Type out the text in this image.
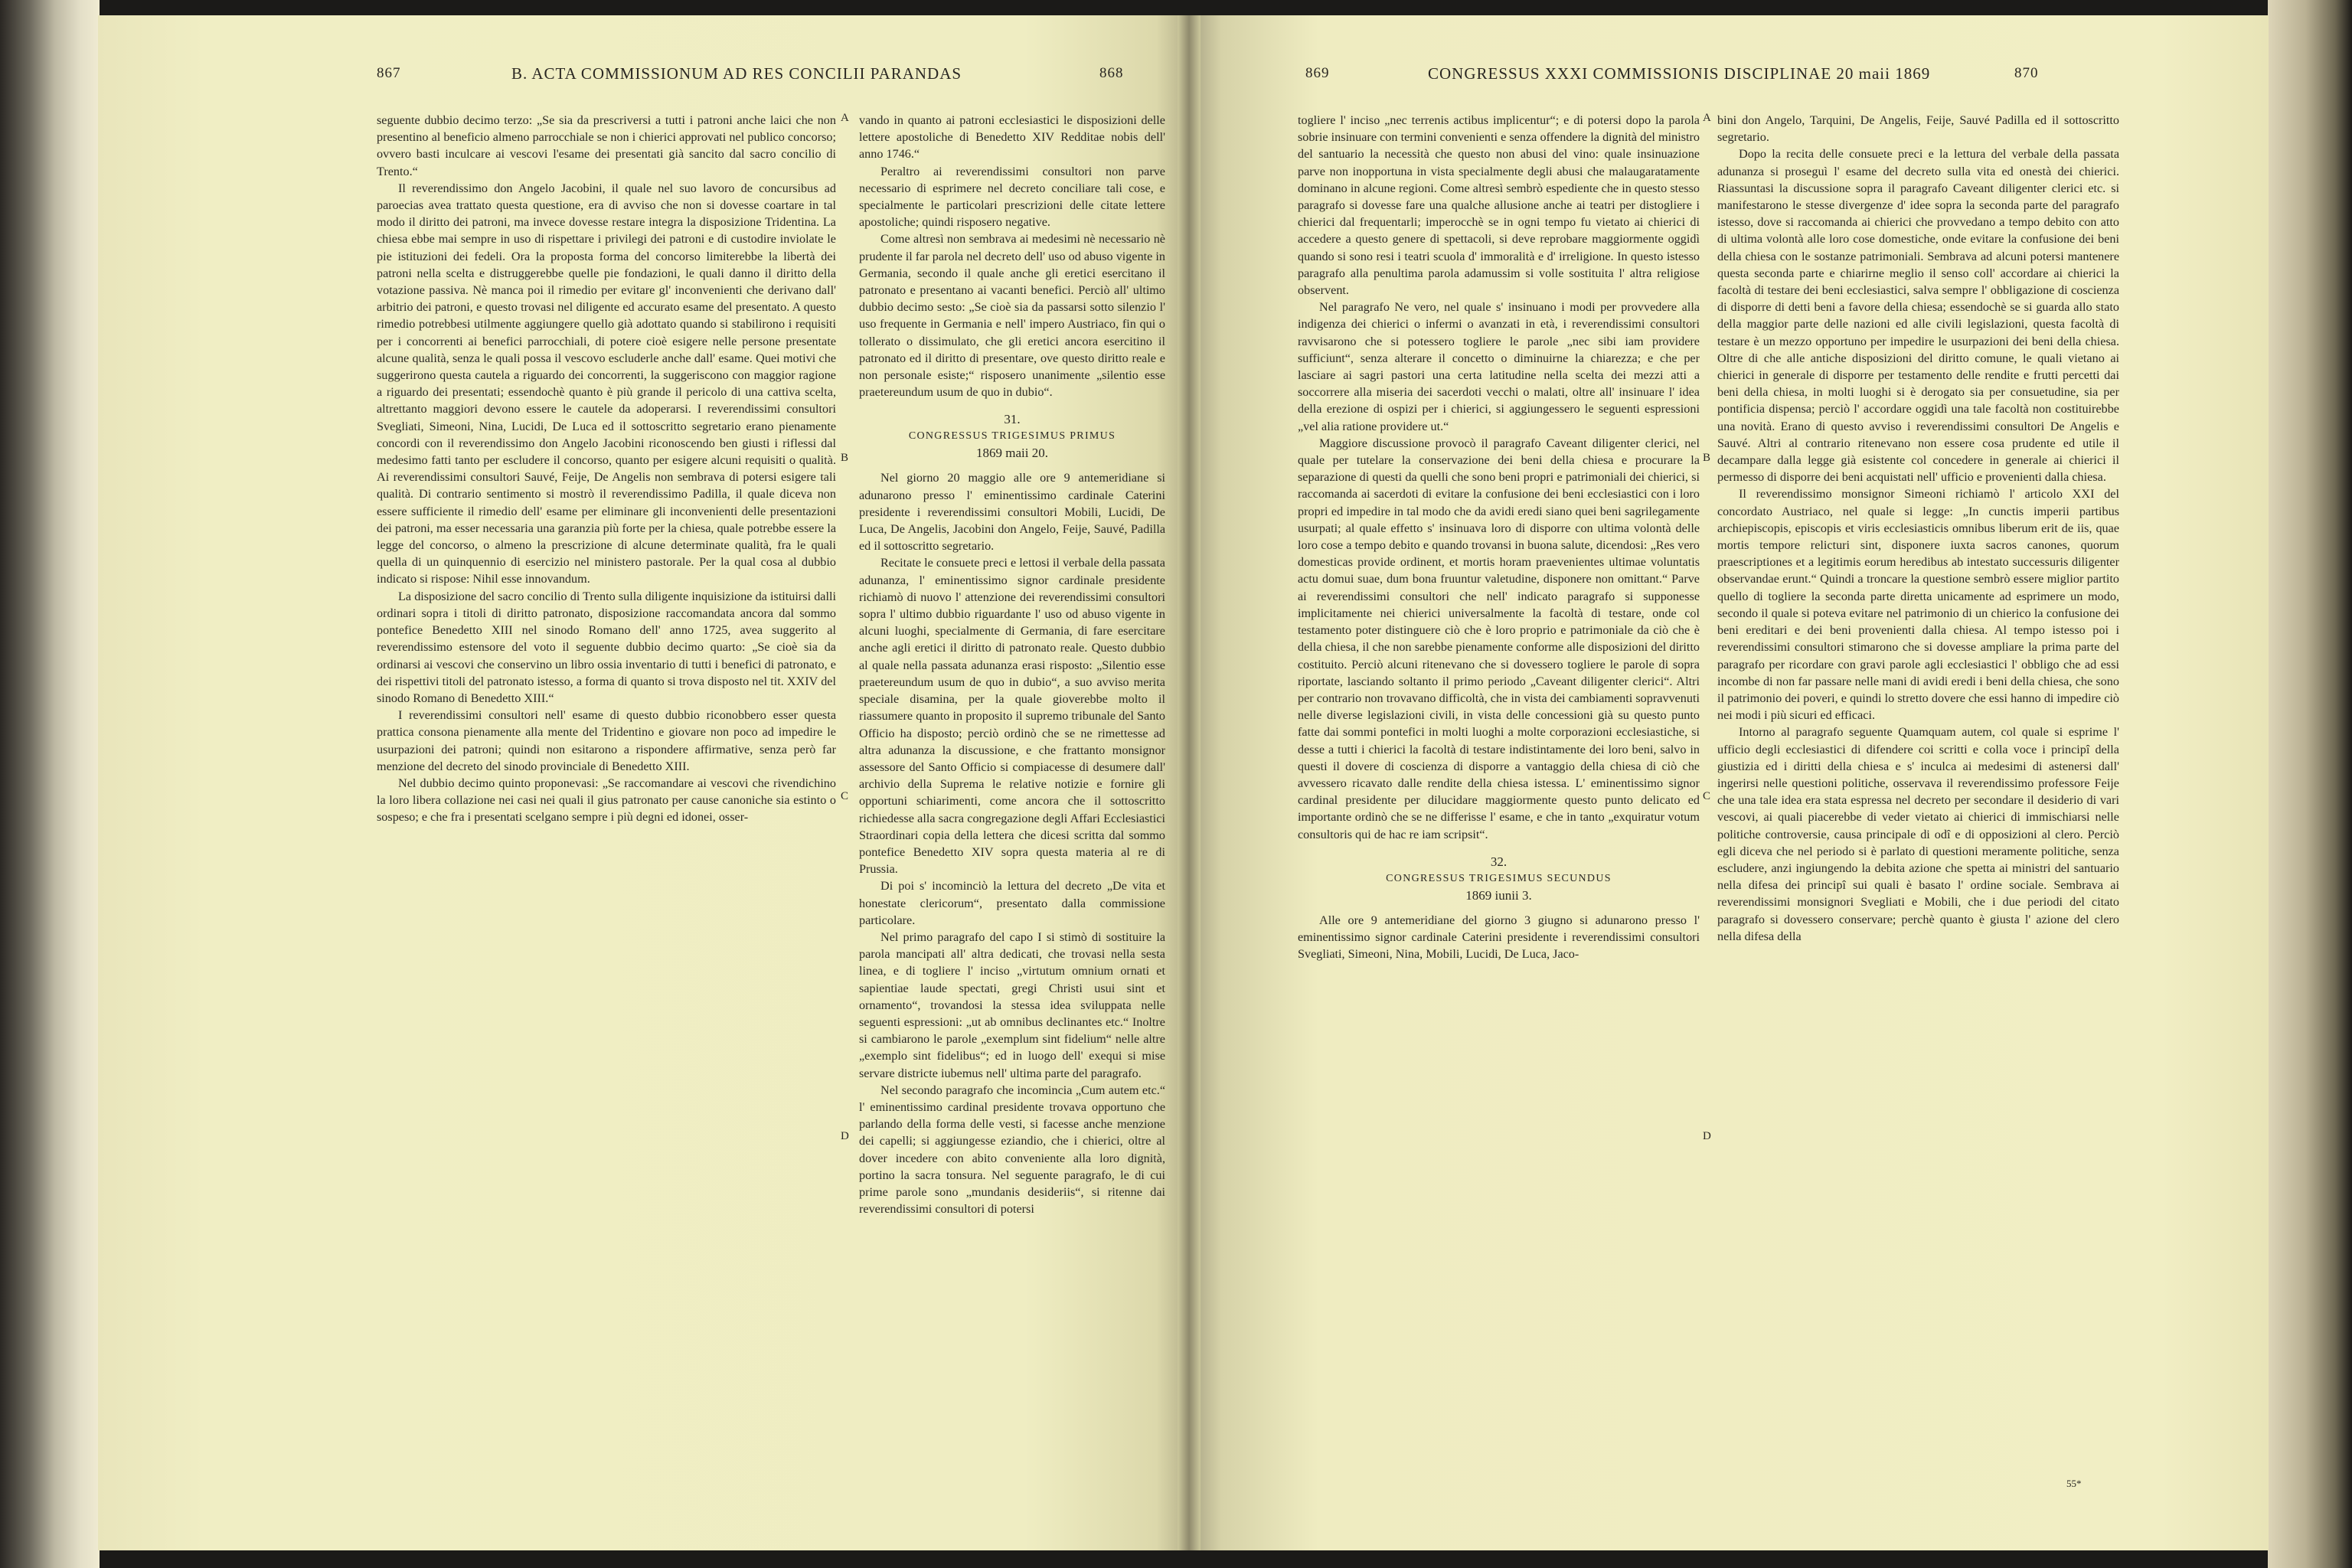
867	B. ACTA COMMISSIONUM AD RES CONCILII PARANDAS	868

seguente dubbio decimo terzo: „Se sia da prescriversi a tutti i patroni anche laici che non presentino al beneficio almeno parrocchiale se non i chierici approvati nel publico concorso; ovvero basti inculcare ai vescovi l'esame dei presentati già sancito dal sacro concilio di Trento.“

Il reverendissimo don Angelo Jacobini, il quale nel suo lavoro de concursibus ad paroecias avea trattato questa questione, era di avviso che non si dovesse coartare in tal modo il diritto dei patroni, ma invece dovesse restare integra la disposizione Tridentina. La chiesa ebbe mai sempre in uso di rispettare i privilegi dei patroni e di custodire inviolate le pie istituzioni dei fedeli. Ora la proposta forma del concorso limiterebbe la libertà dei patroni nella scelta e distruggerebbe quelle pie fondazioni, le quali danno il diritto della votazione passiva. Nè manca poi il rimedio per evitare gl' inconvenienti che derivano dall' arbitrio dei patroni, e questo trovasi nel diligente ed accurato esame del presentato. A questo rimedio potrebbesi utilmente aggiungere quello già adottato quando si stabilirono i requisiti per i concorrenti ai benefici parrocchiali, di potere cioè esigere nelle persone presentate alcune qualità, senza le quali possa il vescovo escluderle anche dall' esame. Quei motivi che suggerirono questa cautela a riguardo dei concorrenti, la suggeriscono con maggior ragione a riguardo dei presentati; essendochè quanto è più grande il pericolo di una cattiva scelta, altrettanto maggiori devono essere le cautele da adoperarsi. I reverendissimi consultori Svegliati, Simeoni, Nina, Lucidi, De Luca ed il sottoscritto segretario erano pienamente concordi con il reverendissimo don Angelo Jacobini riconoscendo ben giusti i riflessi dal medesimo fatti tanto per escludere il concorso, quanto per esigere alcuni requisiti o qualità. Ai reverendissimi consultori Sauvé, Feije, De Angelis non sembrava di potersi esigere tali qualità. Di contrario sentimento si mostrò il reverendissimo Padilla, il quale diceva non essere sufficiente il rimedio dell' esame per eliminare gli inconvenienti delle presentazioni dei patroni, ma esser necessaria una garanzia più forte per la chiesa, quale potrebbe essere la legge del concorso, o almeno la prescrizione di alcune determinate qualità, fra le quali quella di un quinquennio di esercizio nel ministero pastorale. Per la qual cosa al dubbio indicato si rispose: Nihil esse innovandum.

La disposizione del sacro concilio di Trento sulla diligente inquisizione da istituirsi dalli ordinari sopra i titoli di diritto patronato, disposizione raccomandata ancora dal sommo pontefice Benedetto XIII nel sinodo Romano dell' anno 1725, avea suggerito al reverendissimo estensore del voto il seguente dubbio decimo quarto: „Se cioè sia da ordinarsi ai vescovi che conservino un libro ossia inventario di tutti i benefici di patronato, e dei rispettivi titoli del patronato istesso, a forma di quanto si trova disposto nel tit. XXIV del sinodo Romano di Benedetto XIII.“

I reverendissimi consultori nell' esame di questo dubbio riconobbero esser questa prattica consona pienamente alla mente del Tridentino e giovare non poco ad impedire le usurpazioni dei patroni; quindi non esitarono a rispondere affirmative, senza però far menzione del decreto del sinodo provinciale di Benedetto XIII.

Nel dubbio decimo quinto proponevasi: „Se raccomandare ai vescovi che rivendichino la loro libera collazione nei casi nei quali il gius patronato per cause canoniche sia estinto o sospeso; e che fra i presentati scelgano sempre i più degni ed idonei, osser-

A
B
C
D

vando in quanto ai patroni ecclesiastici le disposizioni delle lettere apostoliche di Benedetto XIV Redditae nobis dell' anno 1746.“

Peraltro ai reverendissimi consultori non parve necessario di esprimere nel decreto conciliare tali cose, e specialmente le particolari prescrizioni delle citate lettere apostoliche; quindi risposero negative.

Come altresì non sembrava ai medesimi nè necessario nè prudente il far parola nel decreto dell' uso od abuso vigente in Germania, secondo il quale anche gli eretici esercitano il patronato e presentano ai vacanti benefici. Perciò all' ultimo dubbio decimo sesto: „Se cioè sia da passarsi sotto silenzio l' uso frequente in Germania e nell' impero Austriaco, fin qui o tollerato o dissimulato, che gli eretici ancora esercitino il patronato ed il diritto di presentare, ove questo diritto reale e non personale esiste;“ risposero unanimente „silentio esse praetereundum usum de quo in dubio“.

31.
CONGRESSUS TRIGESIMUS PRIMUS
1869 maii 20.

Nel giorno 20 maggio alle ore 9 antemeridiane si adunarono presso l' eminentissimo cardinale Caterini presidente i reverendissimi consultori Mobili, Lucidi, De Luca, De Angelis, Jacobini don Angelo, Feije, Sauvé, Padilla ed il sottoscritto segretario.

Recitate le consuete preci e lettosi il verbale della passata adunanza, l' eminentissimo signor cardinale presidente richiamò di nuovo l' attenzione dei reverendissimi consultori sopra l' ultimo dubbio riguardante l' uso od abuso vigente in alcuni luoghi, specialmente di Germania, di fare esercitare anche agli eretici il diritto di patronato reale. Questo dubbio al quale nella passata adunanza erasi risposto: „Silentio esse praetereundum usum de quo in dubio“, a suo avviso merita speciale disamina, per la quale gioverebbe molto il riassumere quanto in proposito il supremo tribunale del Santo Officio ha disposto; perciò ordinò che se ne rimettesse ad altra adunanza la discussione, e che frattanto monsignor assessore del Santo Officio si compiacesse di desumere dall' archivio della Suprema le relative notizie e fornire gli opportuni schiarimenti, come ancora che il sottoscritto richiedesse alla sacra congregazione degli Affari Ecclesiastici Straordinari copia della lettera che dicesi scritta dal sommo pontefice Benedetto XIV sopra questa materia al re di Prussia.

Di poi s' incominciò la lettura del decreto „De vita et honestate clericorum“, presentato dalla commissione particolare.

Nel primo paragrafo del capo I si stimò di sostituire la parola mancipati all' altra dedicati, che trovasi nella sesta linea, e di togliere l' inciso „virtutum omnium ornati et sapientiae laude spectati, gregi Christi usui sint et ornamento“, trovandosi la stessa idea sviluppata nelle seguenti espressioni: „ut ab omnibus declinantes etc.“ Inoltre si cambiarono le parole „exemplum sint fidelium“ nelle altre „exemplo sint fidelibus“; ed in luogo dell' exequi si mise servare districte iubemus nell' ultima parte del paragrafo.

Nel secondo paragrafo che incomincia „Cum autem etc.“ l' eminentissimo cardinal presidente trovava opportuno che parlando della forma delle vesti, si facesse anche menzione dei capelli; si aggiungesse eziandio, che i chierici, oltre al dover incedere con abito conveniente alla loro dignità, portino la sacra tonsura. Nel seguente paragrafo, le di cui prime parole sono „mundanis desideriis“, si ritenne dai reverendissimi consultori di potersi

869	CONGRESSUS XXXI COMMISSIONIS DISCIPLINAE 20 maii 1869	870

togliere l' inciso „nec terrenis actibus implicentur“; e di potersi dopo la parola sobrie insinuare con termini convenienti e senza offendere la dignità del ministro del santuario la necessità che questo non abusi del vino: quale insinuazione parve non inopportuna in vista specialmente degli abusi che malaugaratamente dominano in alcune regioni. Come altresì sembrò espediente che in questo stesso paragrafo si dovesse fare una qualche allusione anche ai teatri per distogliere i chierici dal frequentarli; imperocchè se in ogni tempo fu vietato ai chierici di accedere a questo genere di spettacoli, si deve reprobare maggiormente oggidì quando si sono resi i teatri scuola d' immoralità e d' irreligione. In questo istesso paragrafo alla penultima parola adamussim si volle sostituita l' altra religiose observent.

Nel paragrafo Ne vero, nel quale s' insinuano i modi per provvedere alla indigenza dei chierici o infermi o avanzati in età, i reverendissimi consultori ravvisarono che si potessero togliere le parole „nec sibi iam providere sufficiunt“, senza alterare il concetto o diminuirne la chiarezza; e che per lasciare ai sagri pastori una certa latitudine nella scelta dei mezzi atti a soccorrere alla miseria dei sacerdoti vecchi o malati, oltre all' insinuare l' idea della erezione di ospizi per i chierici, si aggiungessero le seguenti espressioni „vel alia ratione providere ut.“

Maggiore discussione provocò il paragrafo Caveant diligenter clerici, nel quale per tutelare la conservazione dei beni della chiesa e procurare la separazione di questi da quelli che sono beni propri e patrimoniali dei chierici, si raccomanda ai sacerdoti di evitare la confusione dei beni ecclesiastici con i loro propri ed impedire in tal modo che da avidi eredi siano quei beni sagrilegamente usurpati; al quale effetto s' insinuava loro di disporre con ultima volontà delle loro cose a tempo debito e quando trovansi in buona salute, dicendosi: „Res vero domesticas provide ordinent, et mortis horam praevenientes ultimae voluntatis actu domui suae, dum bona fruuntur valetudine, disponere non omittant.“ Parve ai reverendissimi consultori che nell' indicato paragrafo si supponesse implicitamente nei chierici universalmente la facoltà di testare, onde col testamento poter distinguere ciò che è loro proprio e patrimoniale da ciò che è della chiesa, il che non sarebbe pienamente conforme alle disposizioni del diritto costituito. Perciò alcuni ritenevano che si dovessero togliere le parole di sopra riportate, lasciando soltanto il primo periodo „Caveant diligenter clerici“. Altri per contrario non trovavano difficoltà, che in vista dei cambiamenti sopravvenuti nelle diverse legislazioni civili, in vista delle concessioni già su questo punto fatte dai sommi pontefici in molti luoghi a molte corporazioni ecclesiastiche, si desse a tutti i chierici la facoltà di testare indistintamente dei loro beni, salvo in questi il dovere di coscienza di disporre a vantaggio della chiesa di ciò che avvessero ricavato dalle rendite della chiesa istessa. L' eminentissimo signor cardinal presidente per dilucidare maggiormente questo punto delicato ed importante ordinò che se ne differisse l' esame, e che in tanto „exquiratur votum consultoris qui de hac re iam scripsit“.

32.
CONGRESSUS TRIGESIMUS SECUNDUS
1869 iunii 3.

Alle ore 9 antemeridiane del giorno 3 giugno si adunarono presso l' eminentissimo signor cardinale Caterini presidente i reverendissimi consultori Svegliati, Simeoni, Nina, Mobili, Lucidi, De Luca, Jaco-

A
B
C
D

bini don Angelo, Tarquini, De Angelis, Feije, Sauvé Padilla ed il sottoscritto segretario.

Dopo la recita delle consuete preci e la lettura del verbale della passata adunanza si proseguì l' esame del decreto sulla vita ed onestà dei chierici. Riassuntasi la discussione sopra il paragrafo Caveant diligenter clerici etc. si manifestarono le stesse divergenze d' idee sopra la seconda parte del paragrafo istesso, dove si raccomanda ai chierici che provvedano a tempo debito con atto di ultima volontà alle loro cose domestiche, onde evitare la confusione dei beni della chiesa con le sostanze patrimoniali. Sembrava ad alcuni potersi mantenere questa seconda parte e chiarirne meglio il senso coll' accordare ai chierici la facoltà di testare dei beni ecclesiastici, salva sempre l' obbligazione di coscienza di disporre di detti beni a favore della chiesa; essendochè se si guarda allo stato della maggior parte delle nazioni ed alle civili legislazioni, questa facoltà di testare è un mezzo opportuno per impedire le usurpazioni dei beni della chiesa. Oltre di che alle antiche disposizioni del diritto comune, le quali vietano ai chierici in generale di disporre per testamento delle rendite e frutti percetti dai beni della chiesa, in molti luoghi si è derogato sia per consuetudine, sia per pontificia dispensa; perciò l' accordare oggidì una tale facoltà non costituirebbe una novità. Erano di questo avviso i reverendissimi consultori De Angelis e Sauvé. Altri al contrario ritenevano non essere cosa prudente ed utile il decampare dalla legge già esistente col concedere in generale ai chierici il permesso di disporre dei beni acquistati nell' ufficio e provenienti dalla chiesa.

Il reverendissimo monsignor Simeoni richiamò l' articolo XXI del concordato Austriaco, nel quale si legge: „In cunctis imperii partibus archiepiscopis, episcopis et viris ecclesiasticis omnibus liberum erit de iis, quae mortis tempore relicturi sint, disponere iuxta sacros canones, quorum praescriptiones et a legitimis eorum heredibus ab intestato successuris diligenter observandae erunt.“ Quindi a troncare la questione sembrò essere miglior partito quello di togliere la seconda parte diretta unicamente ad esprimere un modo, secondo il quale si poteva evitare nel patrimonio di un chierico la confusione dei beni ereditari e dei beni provenienti dalla chiesa. Al tempo istesso poi i reverendissimi consultori stimarono che si dovesse ampliare la prima parte del paragrafo per ricordare con gravi parole agli ecclesiastici l' obbligo che ad essi incombe di non far passare nelle mani di avidi eredi i beni della chiesa, che sono il patrimonio dei poveri, e quindi lo stretto dovere che essi hanno di impedire ciò nei modi i più sicuri ed efficaci.

Intorno al paragrafo seguente Quamquam autem, col quale si esprime l' ufficio degli ecclesiastici di difendere coi scritti e colla voce i principî della giustizia ed i diritti della chiesa e s' inculca ai medesimi di astenersi dall' ingerirsi nelle questioni politiche, osservava il reverendissimo professore Feije che una tale idea era stata espressa nel decreto per secondare il desiderio di vari vescovi, ai quali piacerebbe di veder vietato ai chierici di immischiarsi nelle politiche controversie, causa principale di odî e di opposizioni al clero. Perciò egli diceva che nel periodo si è parlato di questioni meramente politiche, senza escludere, anzi ingiungendo la debita azione che spetta ai ministri del santuario nella difesa dei principî sui quali è basato l' ordine sociale. Sembrava ai reverendissimi monsignori Svegliati e Mobili, che i due periodi del citato paragrafo si dovessero conservare; perchè quanto è giusta l' azione del clero nella difesa della

55*
